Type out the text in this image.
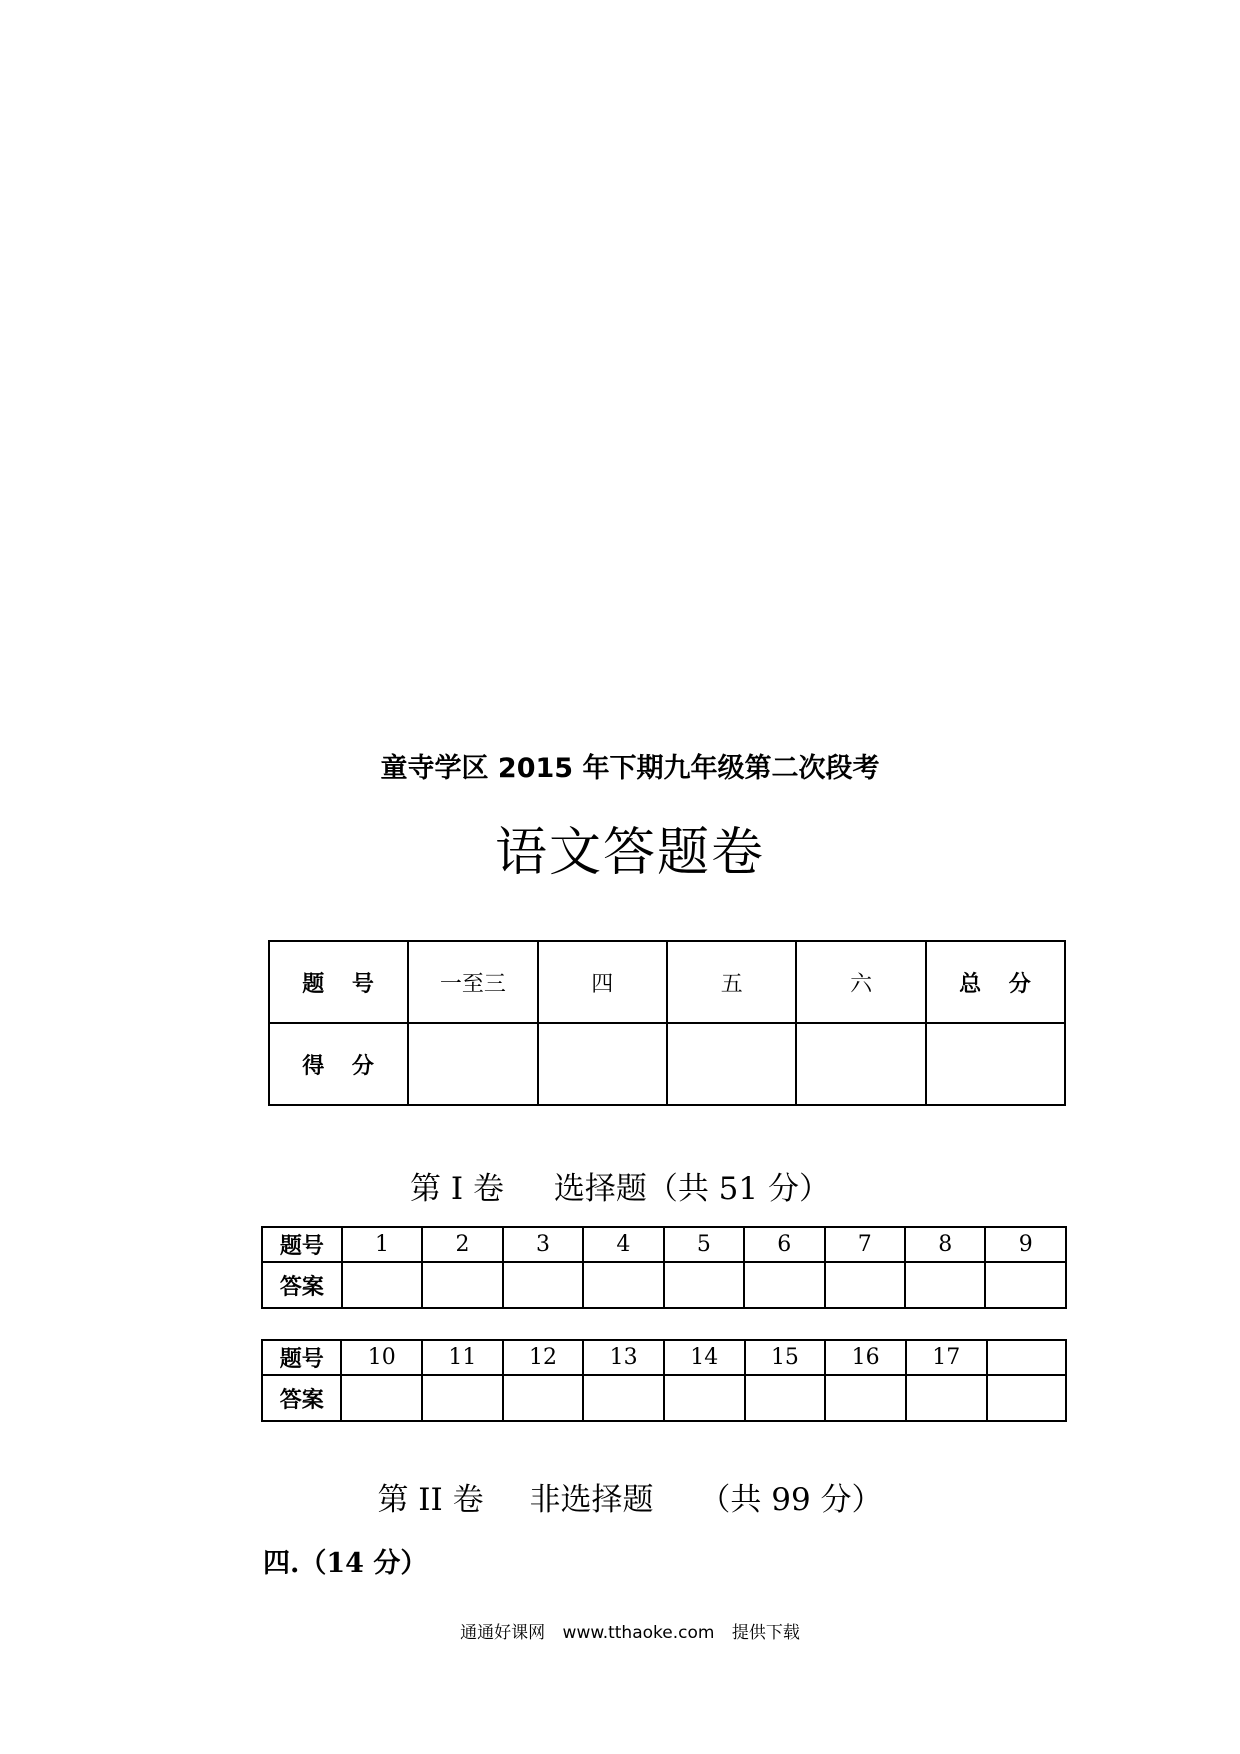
童寺学区 2015 年下期九年级第二次段考
语文答题卷
题 号	一至三	四	五	六	总 分
得 分					
第 I 卷 选择题（共 51 分）
题号	1	2	3	4	5	6	7	8	9
答案									
题号	10	11	12	13	14	15	16	17	
答案									
第 II 卷 非选择题 （共 99 分）
四.（14 分）
通通好课网 www.tthaoke.com 提供下载
